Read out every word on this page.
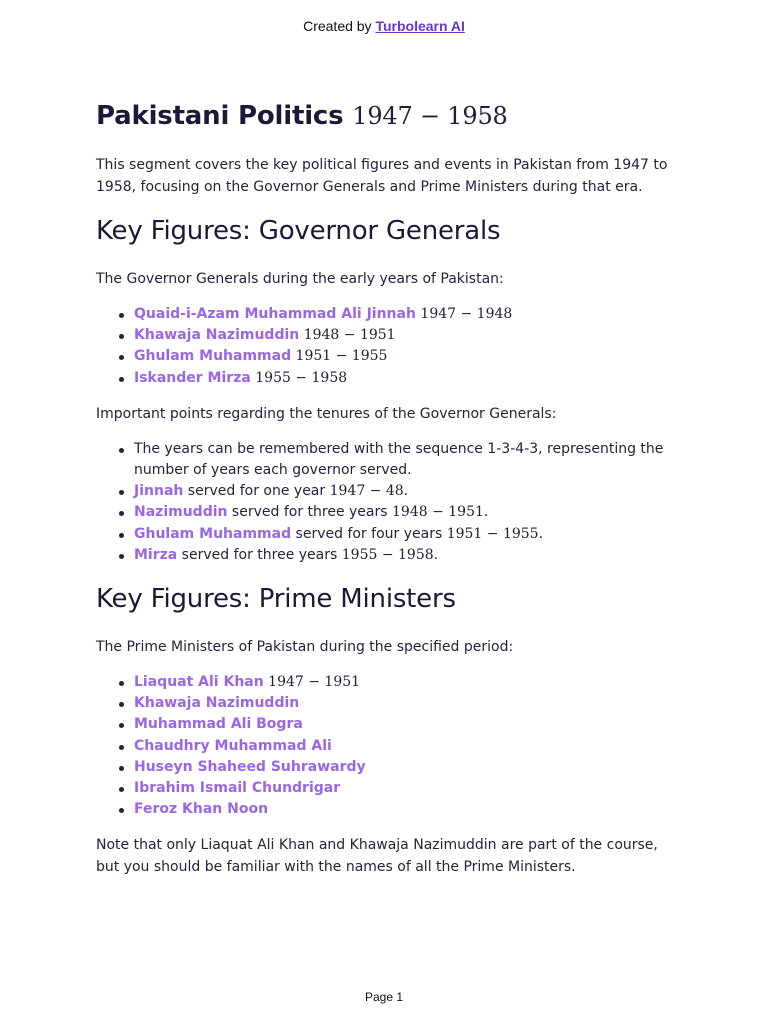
Created by Turbolearn AI
Pakistani Politics 1947 − 1958

This segment covers the key political figures and events in Pakistan from 1947 to 1958, focusing on the Governor Generals and Prime Ministers during that era.

Key Figures: Governor Generals

The Governor Generals during the early years of Pakistan:

Quaid-i-Azam Muhammad Ali Jinnah 1947 − 1948
Khawaja Nazimuddin 1948 − 1951
Ghulam Muhammad 1951 − 1955
Iskander Mirza 1955 − 1958

Important points regarding the tenures of the Governor Generals:

The years can be remembered with the sequence 1-3-4-3, representing the number of years each governor served.
Jinnah served for one year 1947 − 48.
Nazimuddin served for three years 1948 − 1951.
Ghulam Muhammad served for four years 1951 − 1955.
Mirza served for three years 1955 − 1958.
Key Figures: Prime Ministers

The Prime Ministers of Pakistan during the specified period:

Liaquat Ali Khan 1947 − 1951
Khawaja Nazimuddin
Muhammad Ali Bogra
Chaudhry Muhammad Ali
Huseyn Shaheed Suhrawardy
Ibrahim Ismail Chundrigar
Feroz Khan Noon

Note that only Liaquat Ali Khan and Khawaja Nazimuddin are part of the course, but you should be familiar with the names of all the Prime Ministers.

Page 1
